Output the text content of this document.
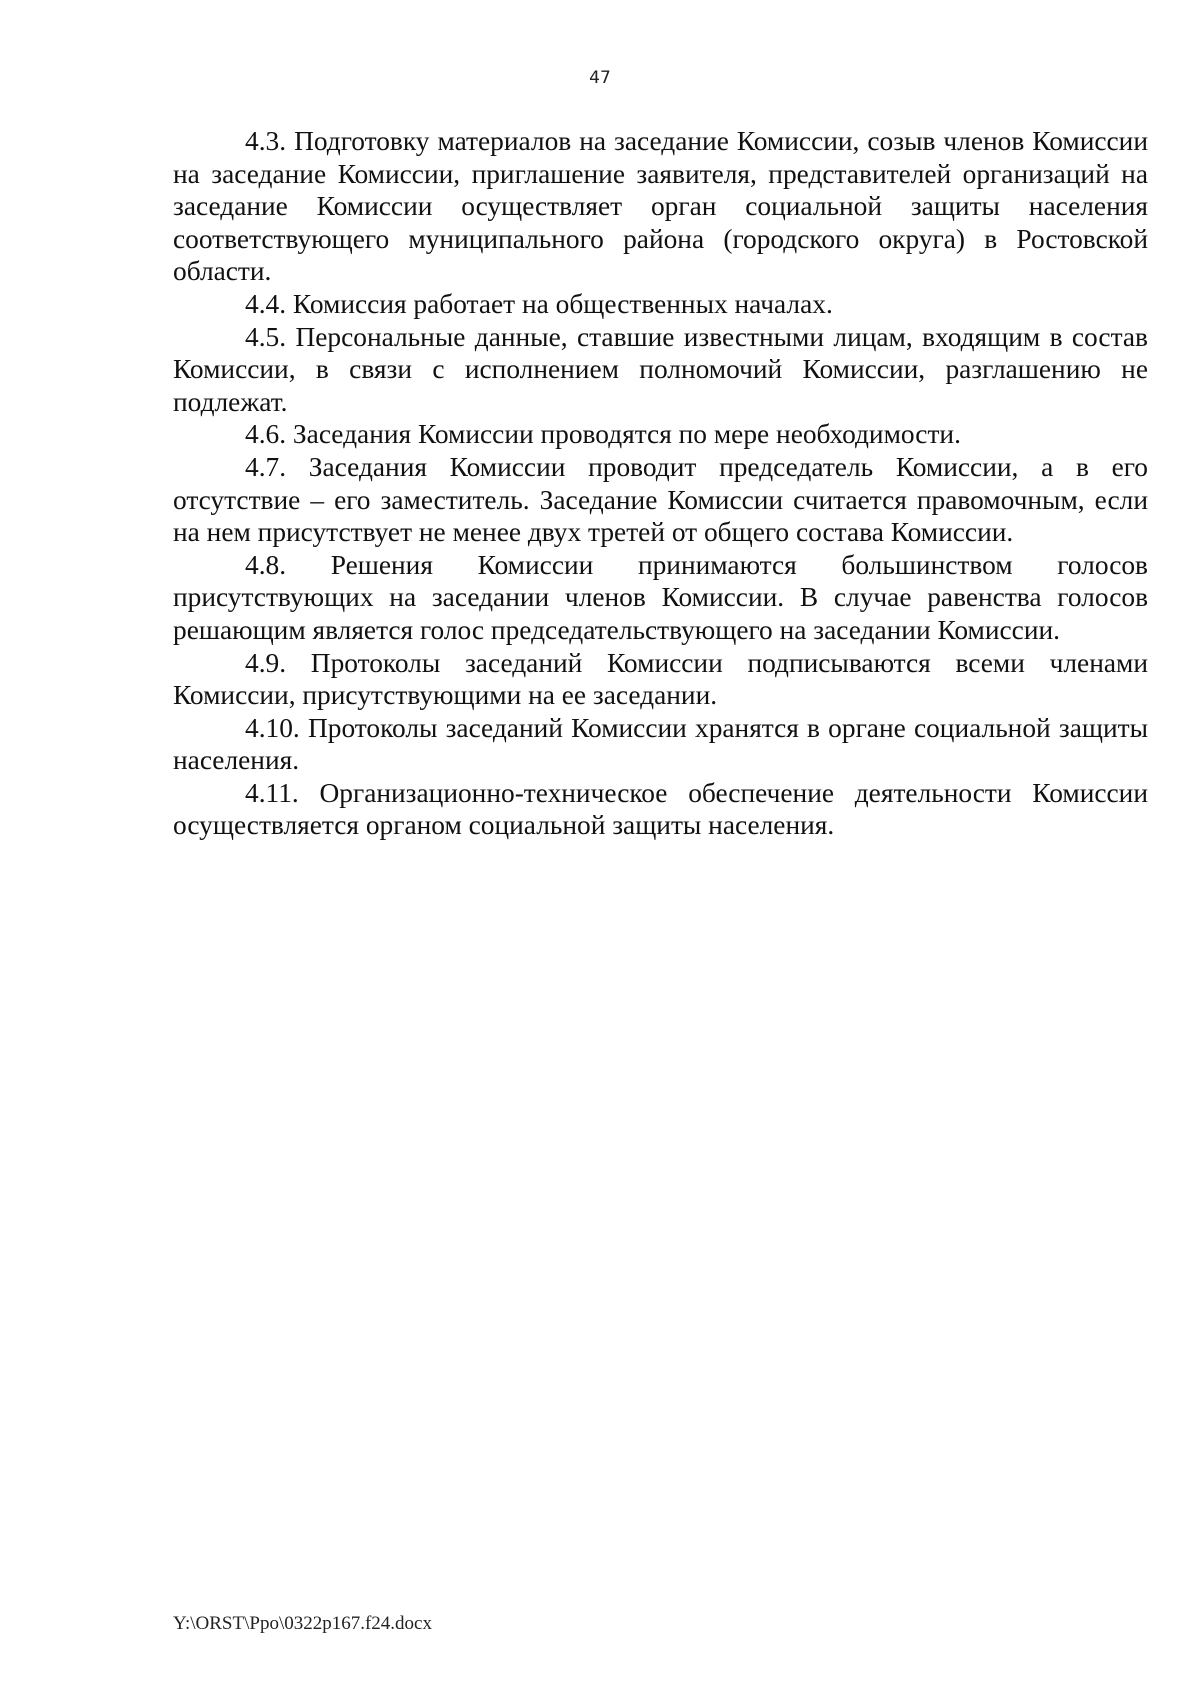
47

4.3. Подготовку материалов на заседание Комиссии, созыв членов Комиссии на заседание Комиссии, приглашение заявителя, представителей организаций на заседание Комиссии осуществляет орган социальной защиты населения соответствующего муниципального района (городского округа) в Ростовской области.

4.4. Комиссия работает на общественных началах.

4.5. Персональные данные, ставшие известными лицам, входящим в состав Комиссии, в связи с исполнением полномочий Комиссии, разглашению не подлежат.

4.6. Заседания Комиссии проводятся по мере необходимости.

4.7. Заседания Комиссии проводит председатель Комиссии, а в его отсутствие – его заместитель. Заседание Комиссии считается правомочным, если на нем присутствует не менее двух третей от общего состава Комиссии.

4.8. Решения Комиссии принимаются большинством голосов присутствующих на заседании членов Комиссии. В случае равенства голосов решающим является голос председательствующего на заседании Комиссии.

4.9. Протоколы заседаний Комиссии подписываются всеми членами Комиссии, присутствующими на ее заседании.

4.10. Протоколы заседаний Комиссии хранятся в органе социальной защиты населения.

4.11. Организационно-техническое обеспечение деятельности Комиссии осуществляется органом социальной защиты населения.

Y:\ORST\Ppo\0322p167.f24.docx
